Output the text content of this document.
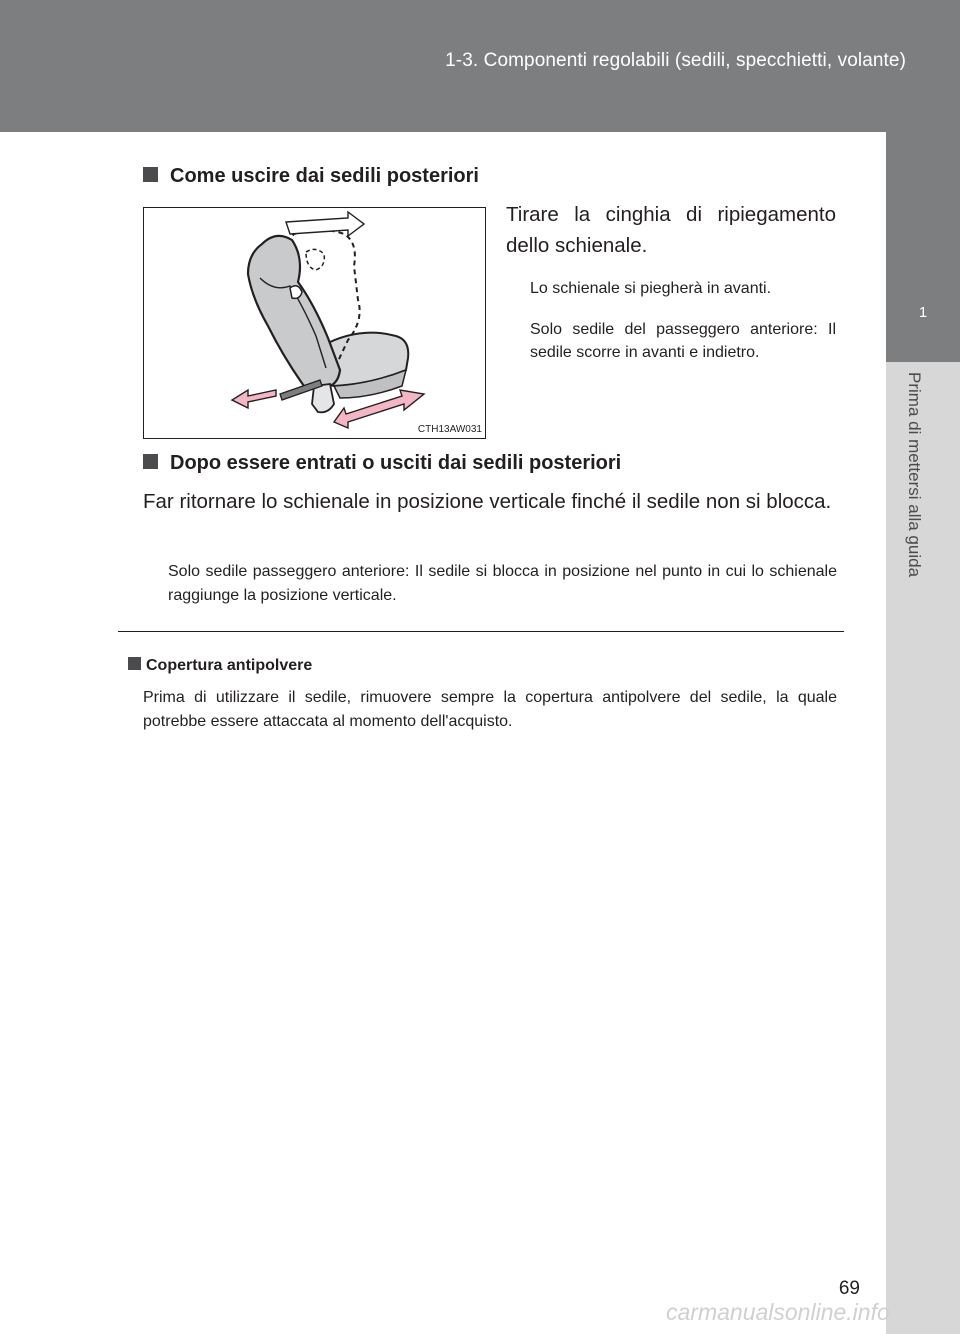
1-3. Componenti regolabili (sedili, specchietti, volante)
1
Prima di mettersi alla guida
Come uscire dai sedili posteriori
CTH13AW031
Tirare la cinghia di ripiegamento dello schienale.
Lo schienale si piegherà in avanti.
Solo sedile del passeggero anteriore: Il sedile scorre in avanti e indietro.
Dopo essere entrati o usciti dai sedili posteriori
Far ritornare lo schienale in posizione verticale finché il sedile non si blocca.
Solo sedile passeggero anteriore: Il sedile si blocca in posizione nel punto in cui lo schienale raggiunge la posizione verticale.
Copertura antipolvere
Prima di utilizzare il sedile, rimuovere sempre la copertura antipolvere del sedile, la quale potrebbe essere attaccata al momento dell'acquisto.
69
carmanualsonline.info
